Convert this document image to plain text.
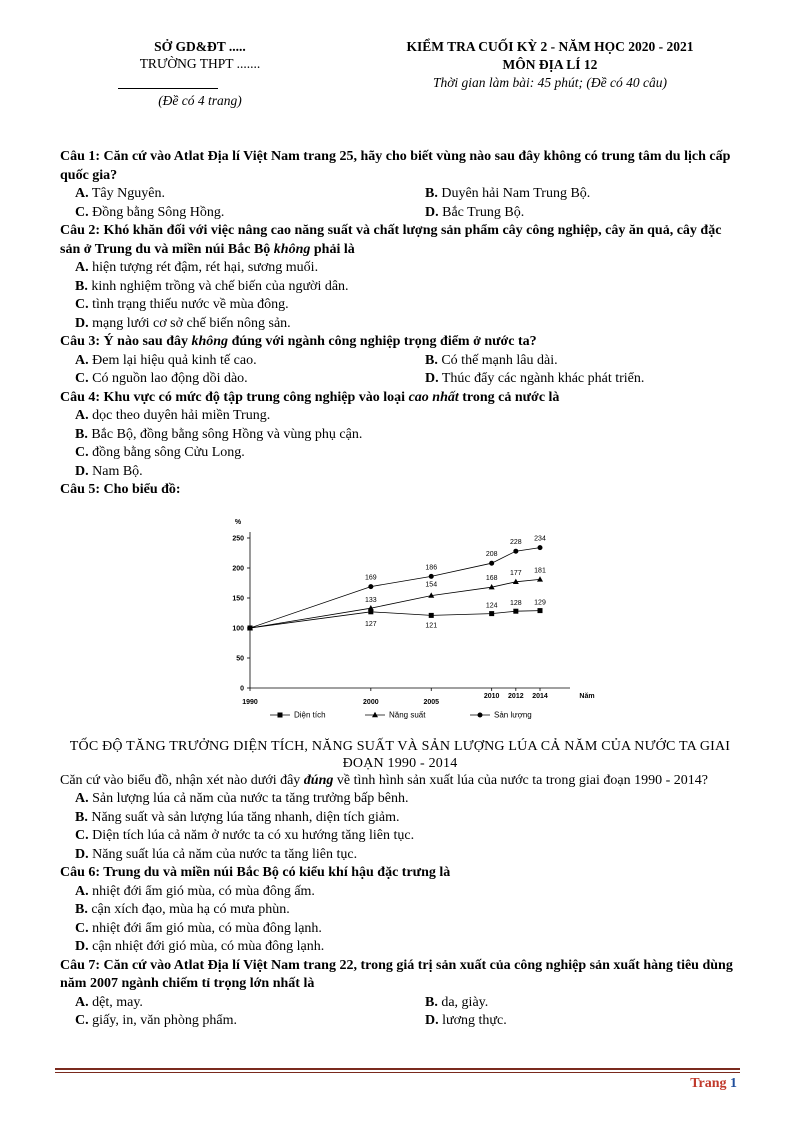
SỞ GD&ĐT .....
TRƯỜNG THPT .......
(Đề có 4 trang)
KIỂM TRA CUỐI KỲ 2 - NĂM HỌC 2020 - 2021
MÔN ĐỊA LÍ 12
Thời gian làm bài: 45 phút; (Đề có 40 câu)
Câu 1: Căn cứ vào Atlat Địa lí Việt Nam trang 25, hãy cho biết vùng nào sau đây không có trung tâm du lịch cấp quốc gia?
A. Tây Nguyên.	B. Duyên hải Nam Trung Bộ.
C. Đồng bằng Sông Hồng.	D. Bắc Trung Bộ.
Câu 2: Khó khăn đối với việc nâng cao năng suất và chất lượng sản phẩm cây công nghiệp, cây ăn quả, cây đặc sản ở Trung du và miền núi Bắc Bộ không phải là
A. hiện tượng rét đậm, rét hại, sương muối.
B. kinh nghiệm trồng và chế biến của người dân.
C. tình trạng thiếu nước về mùa đông.
D. mạng lưới cơ sở chế biến nông sản.
Câu 3: Ý nào sau đây không đúng với ngành công nghiệp trọng điểm ở nước ta?
A. Đem lại hiệu quả kinh tế cao.	B. Có thế mạnh lâu dài.
C. Có nguồn lao động dồi dào.	D. Thúc đẩy các ngành khác phát triển.
Câu 4: Khu vực có mức độ tập trung công nghiệp vào loại cao nhất trong cả nước là
A. dọc theo duyên hải miền Trung.
B. Bắc Bộ, đồng bằng sông Hồng và vùng phụ cận.
C. đồng bằng sông Cửu Long.
D. Nam Bộ.
Câu 5: Cho biểu đồ:
%
Năm
0
50
100
150
200
250
1990	2000	2005
2010 2012 2014
127	121
124 128 129
133
154
168
177 181
169
186
208
228
234
Diện tích	Năng suất	Sản lượng
TỐC ĐỘ TĂNG TRƯỞNG DIỆN TÍCH, NĂNG SUẤT VÀ SẢN LƯỢNG LÚA CẢ NĂM CỦA NƯỚC TA GIAI ĐOẠN 1990 - 2014
Căn cứ vào biểu đồ, nhận xét nào dưới đây đúng về tình hình sản xuất lúa của nước ta trong giai đoạn 1990 - 2014?
A. Sản lượng lúa cả năm của nước ta tăng trưởng bấp bênh.
B. Năng suất và sản lượng lúa tăng nhanh, diện tích giảm.
C. Diện tích lúa cả năm ở nước ta có xu hướng tăng liên tục.
D. Năng suất lúa cả năm của nước ta tăng liên tục.
Câu 6: Trung du và miền núi Bắc Bộ có kiểu khí hậu đặc trưng là
A. nhiệt đới ẩm gió mùa, có mùa đông ấm.
B. cận xích đạo, mùa hạ có mưa phùn.
C. nhiệt đới ẩm gió mùa, có mùa đông lạnh.
D. cận nhiệt đới gió mùa, có mùa đông lạnh.
Câu 7: Căn cứ vào Atlat Địa lí Việt Nam trang 22, trong giá trị sản xuất của công nghiệp sản xuất hàng tiêu dùng năm 2007 ngành chiếm tỉ trọng lớn nhất là
A. dệt, may.	B. da, giày.
C. giấy, in, văn phòng phẩm.	D. lương thực.
Trang 1
